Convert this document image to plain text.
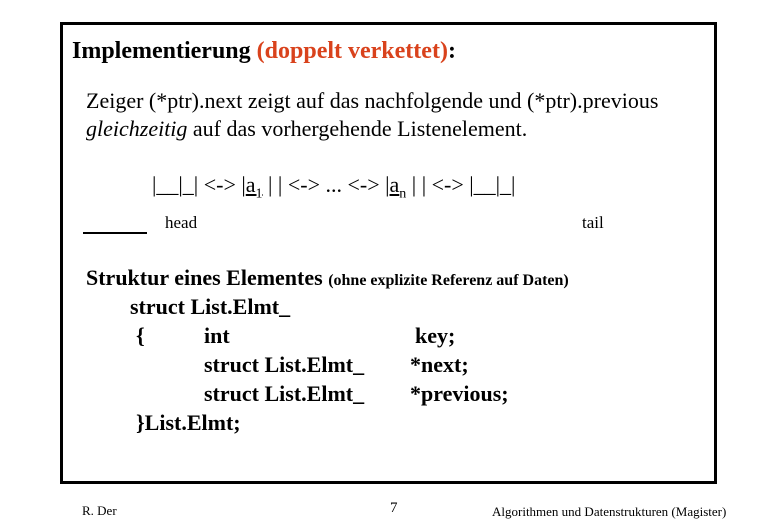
Implementierung (doppelt verkettet):
Zeiger (*ptr).next zeigt auf das nachfolgende und (*ptr).previous
gleichzeitig auf das vorhergehende Listenelement.
|__|_| <-> $|a_1$ | | <-> ... <-> $|a_n$ | | <-> |__|_|
head	tail
Struktur eines Elementes (ohne explizite Referenz auf Daten)
struct List.Elmt_
{	int	key;
struct List.Elmt_ *next;
struct List.Elmt_ *previous;
}List.Elmt;
R. Der	7	Algorithmen und Datenstrukturen (Magister)
